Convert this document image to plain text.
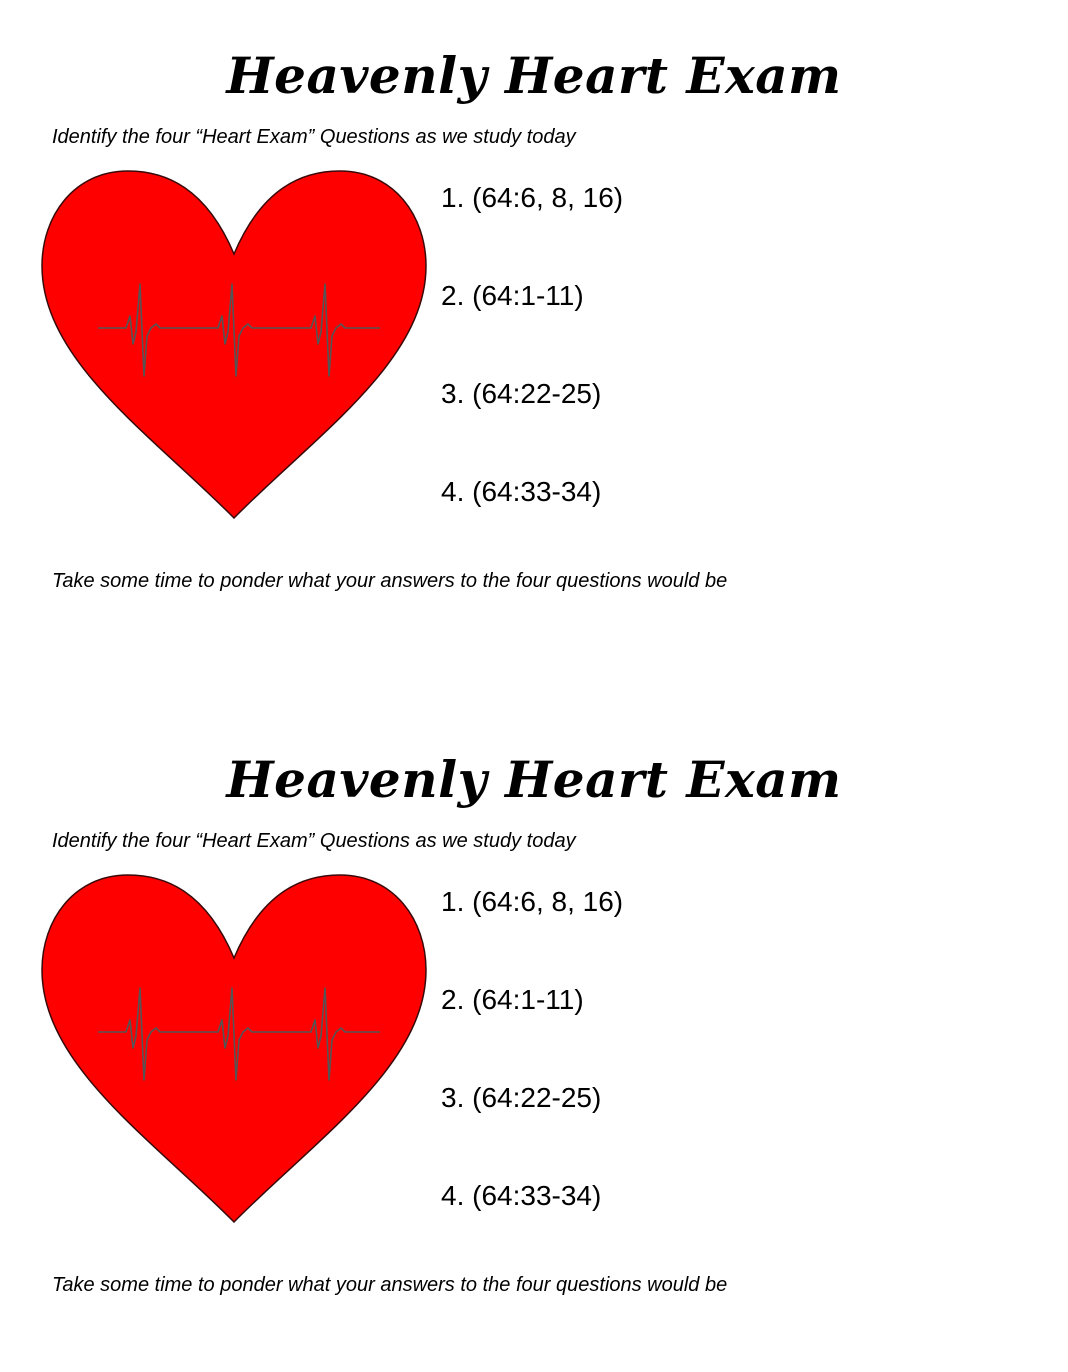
Heavenly Heart Exam
Identify the four “Heart Exam” Questions as we study today
1. (64:6, 8, 16)
2. (64:1-11)
3. (64:22-25)
4. (64:33-34)
Take some time to ponder what your answers to the four questions would be
Heavenly Heart Exam
Identify the four “Heart Exam” Questions as we study today
1. (64:6, 8, 16)
2. (64:1-11)
3. (64:22-25)
4. (64:33-34)
Take some time to ponder what your answers to the four questions would be
